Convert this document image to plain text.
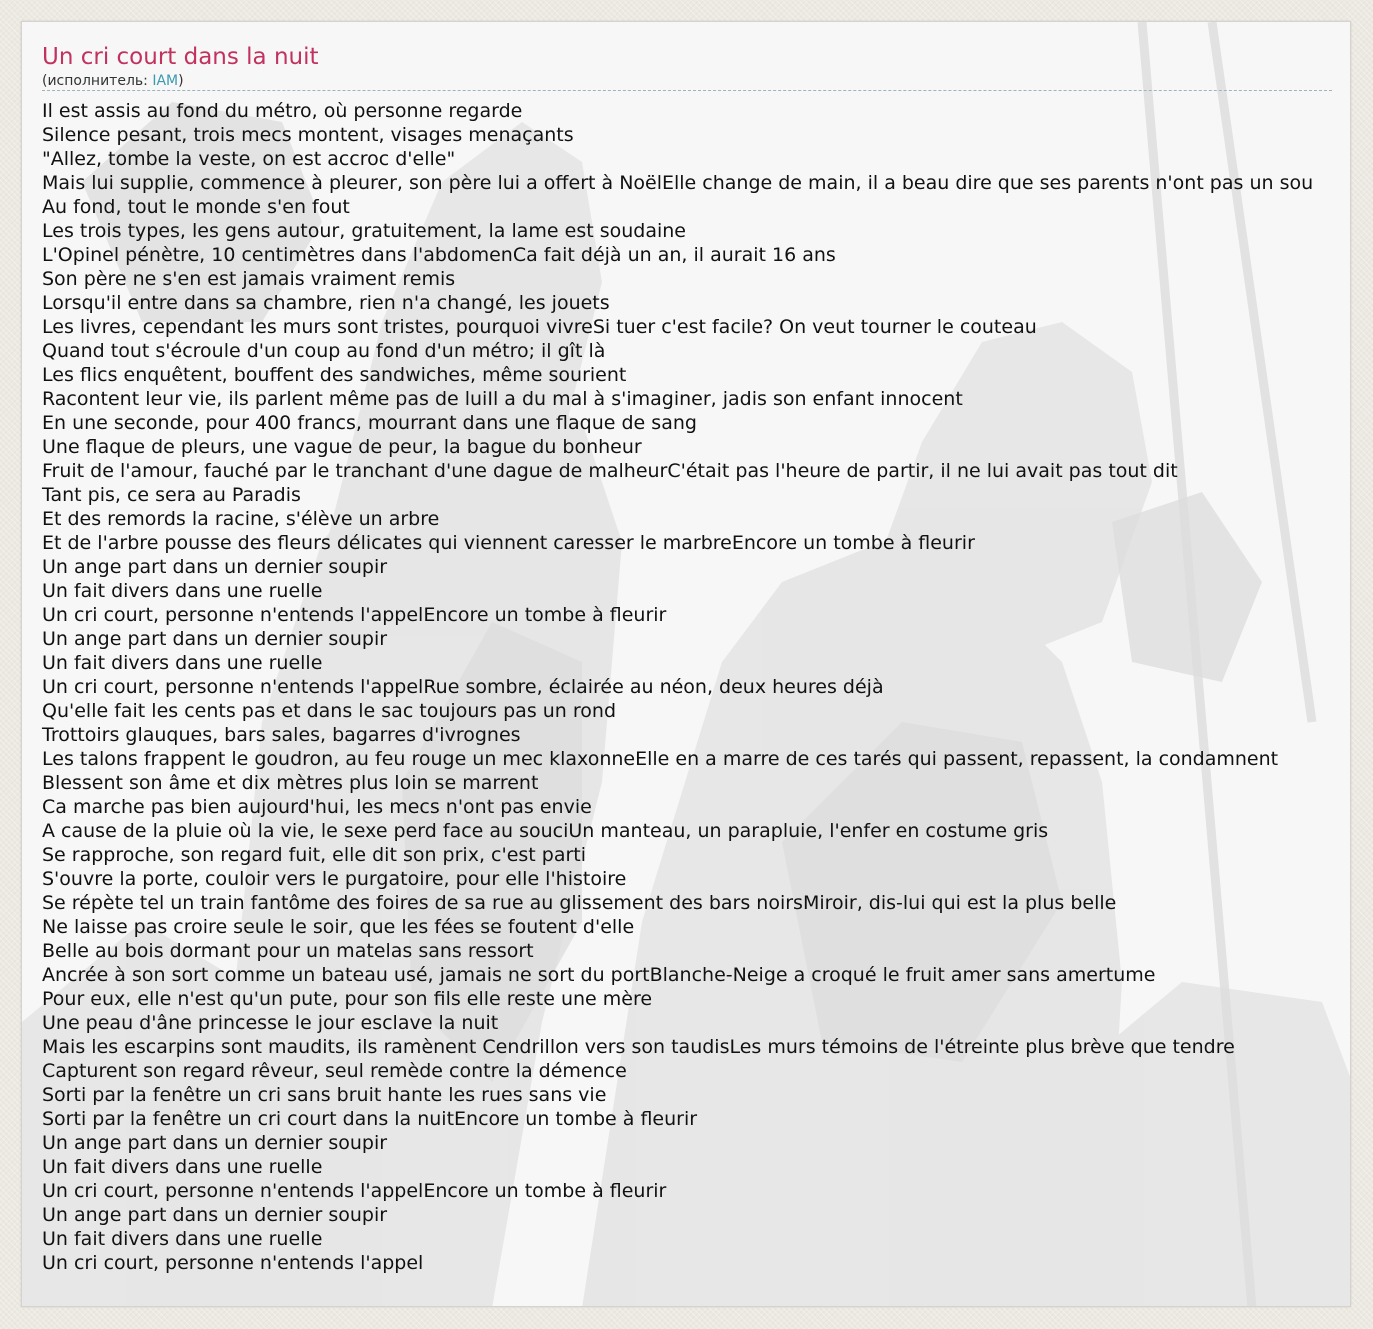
Un cri court dans la nuit
(исполнитель: IAM)
Il est assis au fond du métro, où personne regarde
Silence pesant, trois mecs montent, visages menaçants
"Allez, tombe la veste, on est accroc d'elle"
Mais lui supplie, commence à pleurer, son père lui a offert à NoëlElle change de main, il a beau dire que ses parents n'ont pas un sou
Au fond, tout le monde s'en fout
Les trois types, les gens autour, gratuitement, la lame est soudaine
L'Opinel pénètre, 10 centimètres dans l'abdomenCa fait déjà un an, il aurait 16 ans
Son père ne s'en est jamais vraiment remis
Lorsqu'il entre dans sa chambre, rien n'a changé, les jouets
Les livres, cependant les murs sont tristes, pourquoi vivreSi tuer c'est facile? On veut tourner le couteau
Quand tout s'écroule d'un coup au fond d'un métro; il gît là
Les flics enquêtent, bouffent des sandwiches, même sourient
Racontent leur vie, ils parlent même pas de luiIl a du mal à s'imaginer, jadis son enfant innocent
En une seconde, pour 400 francs, mourrant dans une flaque de sang
Une flaque de pleurs, une vague de peur, la bague du bonheur
Fruit de l'amour, fauché par le tranchant d'une dague de malheurC'était pas l'heure de partir, il ne lui avait pas tout dit
Tant pis, ce sera au Paradis
Et des remords la racine, s'élève un arbre
Et de l'arbre pousse des fleurs délicates qui viennent caresser le marbreEncore un tombe à fleurir
Un ange part dans un dernier soupir
Un fait divers dans une ruelle
Un cri court, personne n'entends l'appelEncore un tombe à fleurir
Un ange part dans un dernier soupir
Un fait divers dans une ruelle
Un cri court, personne n'entends l'appelRue sombre, éclairée au néon, deux heures déjà
Qu'elle fait les cents pas et dans le sac toujours pas un rond
Trottoirs glauques, bars sales, bagarres d'ivrognes
Les talons frappent le goudron, au feu rouge un mec klaxonneElle en a marre de ces tarés qui passent, repassent, la condamnent
Blessent son âme et dix mètres plus loin se marrent
Ca marche pas bien aujourd'hui, les mecs n'ont pas envie
A cause de la pluie où la vie, le sexe perd face au souciUn manteau, un parapluie, l'enfer en costume gris
Se rapproche, son regard fuit, elle dit son prix, c'est parti
S'ouvre la porte, couloir vers le purgatoire, pour elle l'histoire
Se répète tel un train fantôme des foires de sa rue au glissement des bars noirsMiroir, dis-lui qui est la plus belle
Ne laisse pas croire seule le soir, que les fées se foutent d'elle
Belle au bois dormant pour un matelas sans ressort
Ancrée à son sort comme un bateau usé, jamais ne sort du portBlanche-Neige a croqué le fruit amer sans amertume
Pour eux, elle n'est qu'un pute, pour son fils elle reste une mère
Une peau d'âne princesse le jour esclave la nuit
Mais les escarpins sont maudits, ils ramènent Cendrillon vers son taudisLes murs témoins de l'étreinte plus brève que tendre
Capturent son regard rêveur, seul remède contre la démence
Sorti par la fenêtre un cri sans bruit hante les rues sans vie
Sorti par la fenêtre un cri court dans la nuitEncore un tombe à fleurir
Un ange part dans un dernier soupir
Un fait divers dans une ruelle
Un cri court, personne n'entends l'appelEncore un tombe à fleurir
Un ange part dans un dernier soupir
Un fait divers dans une ruelle
Un cri court, personne n'entends l'appel
